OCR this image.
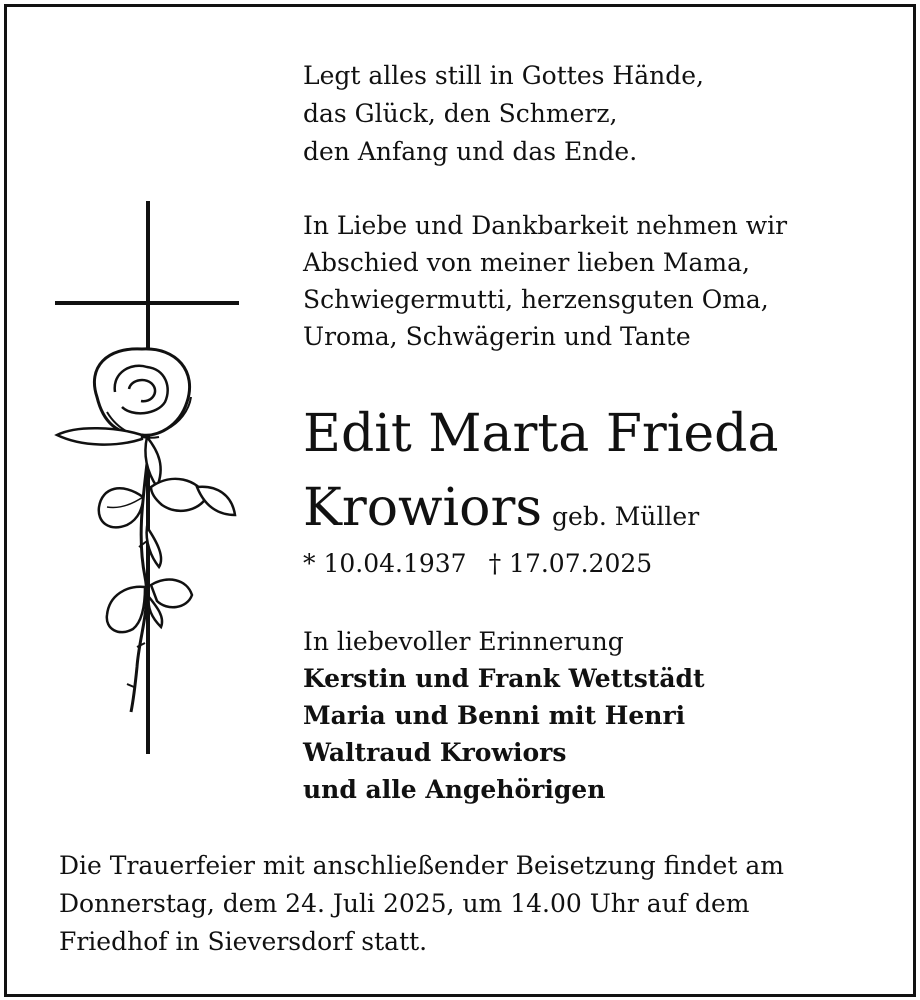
Legt alles still in Gottes Hände,
das Glück, den Schmerz,
den Anfang und das Ende.
In Liebe und Dankbarkeit nehmen wir
Abschied von meiner lieben Mama,
Schwiegermutti, herzensguten Oma,
Uroma, Schwägerin und Tante
Edit Marta Frieda
Krowiors geb. Müller
* 10.04.1937 † 17.07.2025
In liebevoller Erinnerung
Kerstin und Frank Wettstädt
Maria und Benni mit Henri
Waltraud Krowiors
und alle Angehörigen
Die Trauerfeier mit anschließender Beisetzung findet am
Donnerstag, dem 24. Juli 2025, um 14.00 Uhr auf dem
Friedhof in Sieversdorf statt.
